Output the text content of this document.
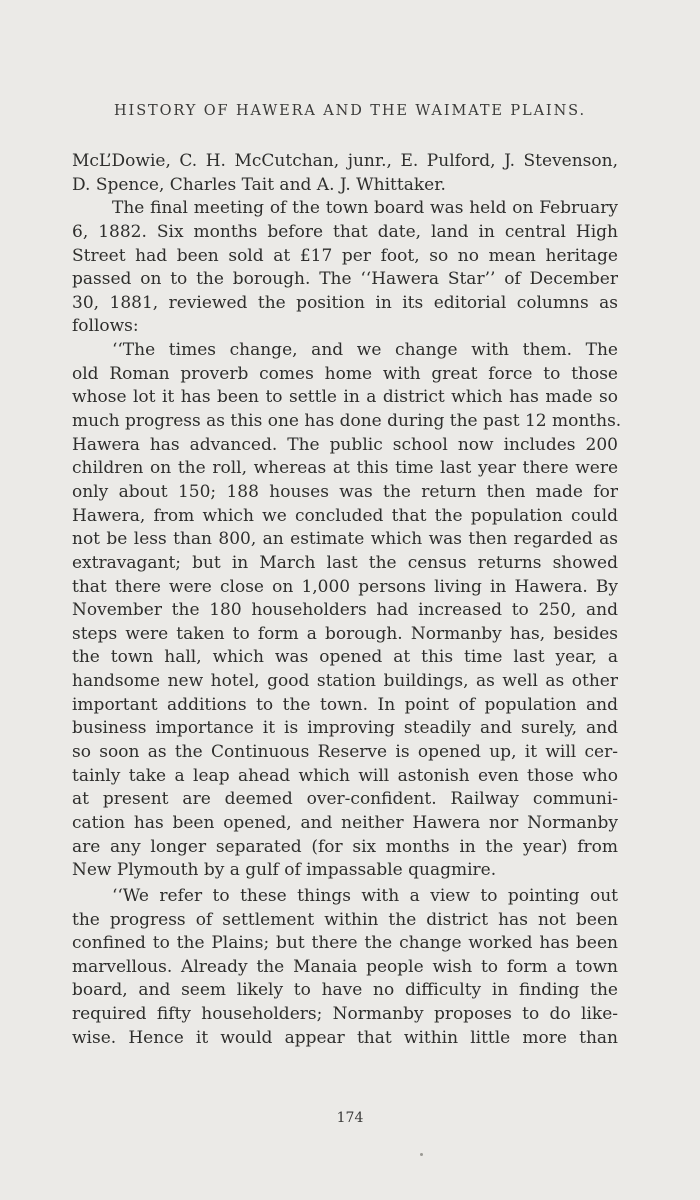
HISTORY OF HAWERA AND THE WAIMATE PLAINS.
McL’Dowie, C. H. McCutchan, junr., E. Pulford, J. Stevenson,
D. Spence, Charles Tait and A. J. Whittaker.
The final meeting of the town board was held on February
6, 1882. Six months before that date, land in central High
Street had been sold at £17 per foot, so no mean heritage
passed on to the borough. The ‘‘Hawera Star’’ of December
30, 1881, reviewed the position in its editorial columns as
follows:
‘‘The times change, and we change with them. The
old Roman proverb comes home with great force to those
whose lot it has been to settle in a district which has made so
much progress as this one has done during the past 12 months.
Hawera has advanced. The public school now includes 200
children on the roll, whereas at this time last year there were
only about 150; 188 houses was the return then made for
Hawera, from which we concluded that the population could
not be less than 800, an estimate which was then regarded as
extravagant; but in March last the census returns showed
that there were close on 1,000 persons living in Hawera. By
November the 180 householders had increased to 250, and
steps were taken to form a borough. Normanby has, besides
the town hall, which was opened at this time last year, a
handsome new hotel, good station buildings, as well as other
important additions to the town. In point of population and
business importance it is improving steadily and surely, and
so soon as the Continuous Reserve is opened up, it will cer-
tainly take a leap ahead which will astonish even those who
at present are deemed over-confident. Railway communi-
cation has been opened, and neither Hawera nor Normanby
are any longer separated (for six months in the year) from
New Plymouth by a gulf of impassable quagmire.
‘‘We refer to these things with a view to pointing out
the progress of settlement within the district has not been
confined to the Plains; but there the change worked has been
marvellous. Already the Manaia people wish to form a town
board, and seem likely to have no difficulty in finding the
required fifty householders; Normanby proposes to do like-
wise. Hence it would appear that within little more than
174
